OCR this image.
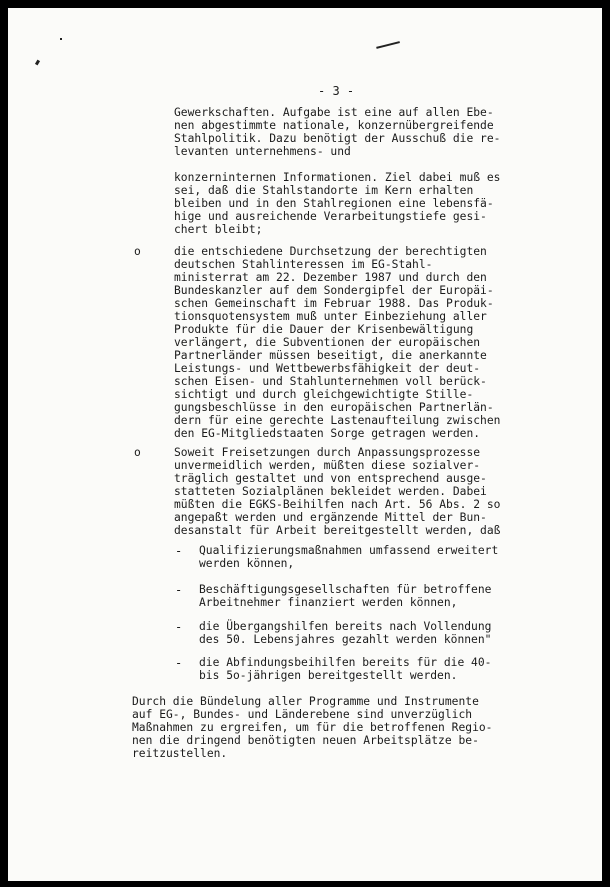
- 3 -
Gewerkschaften. Aufgabe ist eine auf allen Ebe-
nen abgestimmte nationale, konzernübergreifende
Stahlpolitik. Dazu benötigt der Ausschuß die re-
levanten unternehmens- und
konzerninternen Informationen. Ziel dabei muß es
sei, daß die Stahlstandorte im Kern erhalten
bleiben und in den Stahlregionen eine lebensfä-
hige und ausreichende Verarbeitungstiefe gesi-
chert bleibt;
o	die entschiedene Durchsetzung der berechtigten
deutschen Stahlinteressen im EG-Stahl-
ministerrat am 22. Dezember 1987 und durch den
Bundeskanzler auf dem Sondergipfel der Europäi-
schen Gemeinschaft im Februar 1988. Das Produk-
tionsquotensystem muß unter Einbeziehung aller
Produkte für die Dauer der Krisenbewältigung
verlängert, die Subventionen der europäischen
Partnerländer müssen beseitigt, die anerkannte
Leistungs- und Wettbewerbsfähigkeit der deut-
schen Eisen- und Stahlunternehmen voll berück-
sichtigt und durch gleichgewichtigte Stille-
gungsbeschlüsse in den europäischen Partnerlän-
dern für eine gerechte Lastenaufteilung zwischen
den EG-Mitgliedstaaten Sorge getragen werden.
o	Soweit Freisetzungen durch Anpassungsprozesse
unvermeidlich werden, müßten diese sozialver-
träglich gestaltet und von entsprechend ausge-
statteten Sozialplänen bekleidet werden. Dabei
müßten die EGKS-Beihilfen nach Art. 56 Abs. 2 so
angepaßt werden und ergänzende Mittel der Bun-
desanstalt für Arbeit bereitgestellt werden, daß
- Qualifizierungsmaßnahmen umfassend erweitert
werden können,
- Beschäftigungsgesellschaften für betroffene
Arbeitnehmer finanziert werden können,
- die Übergangshilfen bereits nach Vollendung
des 50. Lebensjahres gezahlt werden können"
- die Abfindungsbeihilfen bereits für die 40-
bis 5o-jährigen bereitgestellt werden.
Durch die Bündelung aller Programme und Instrumente
auf EG-, Bundes- und Länderebene sind unverzüglich
Maßnahmen zu ergreifen, um für die betroffenen Regio-
nen die dringend benötigten neuen Arbeitsplätze be-
reitzustellen.
